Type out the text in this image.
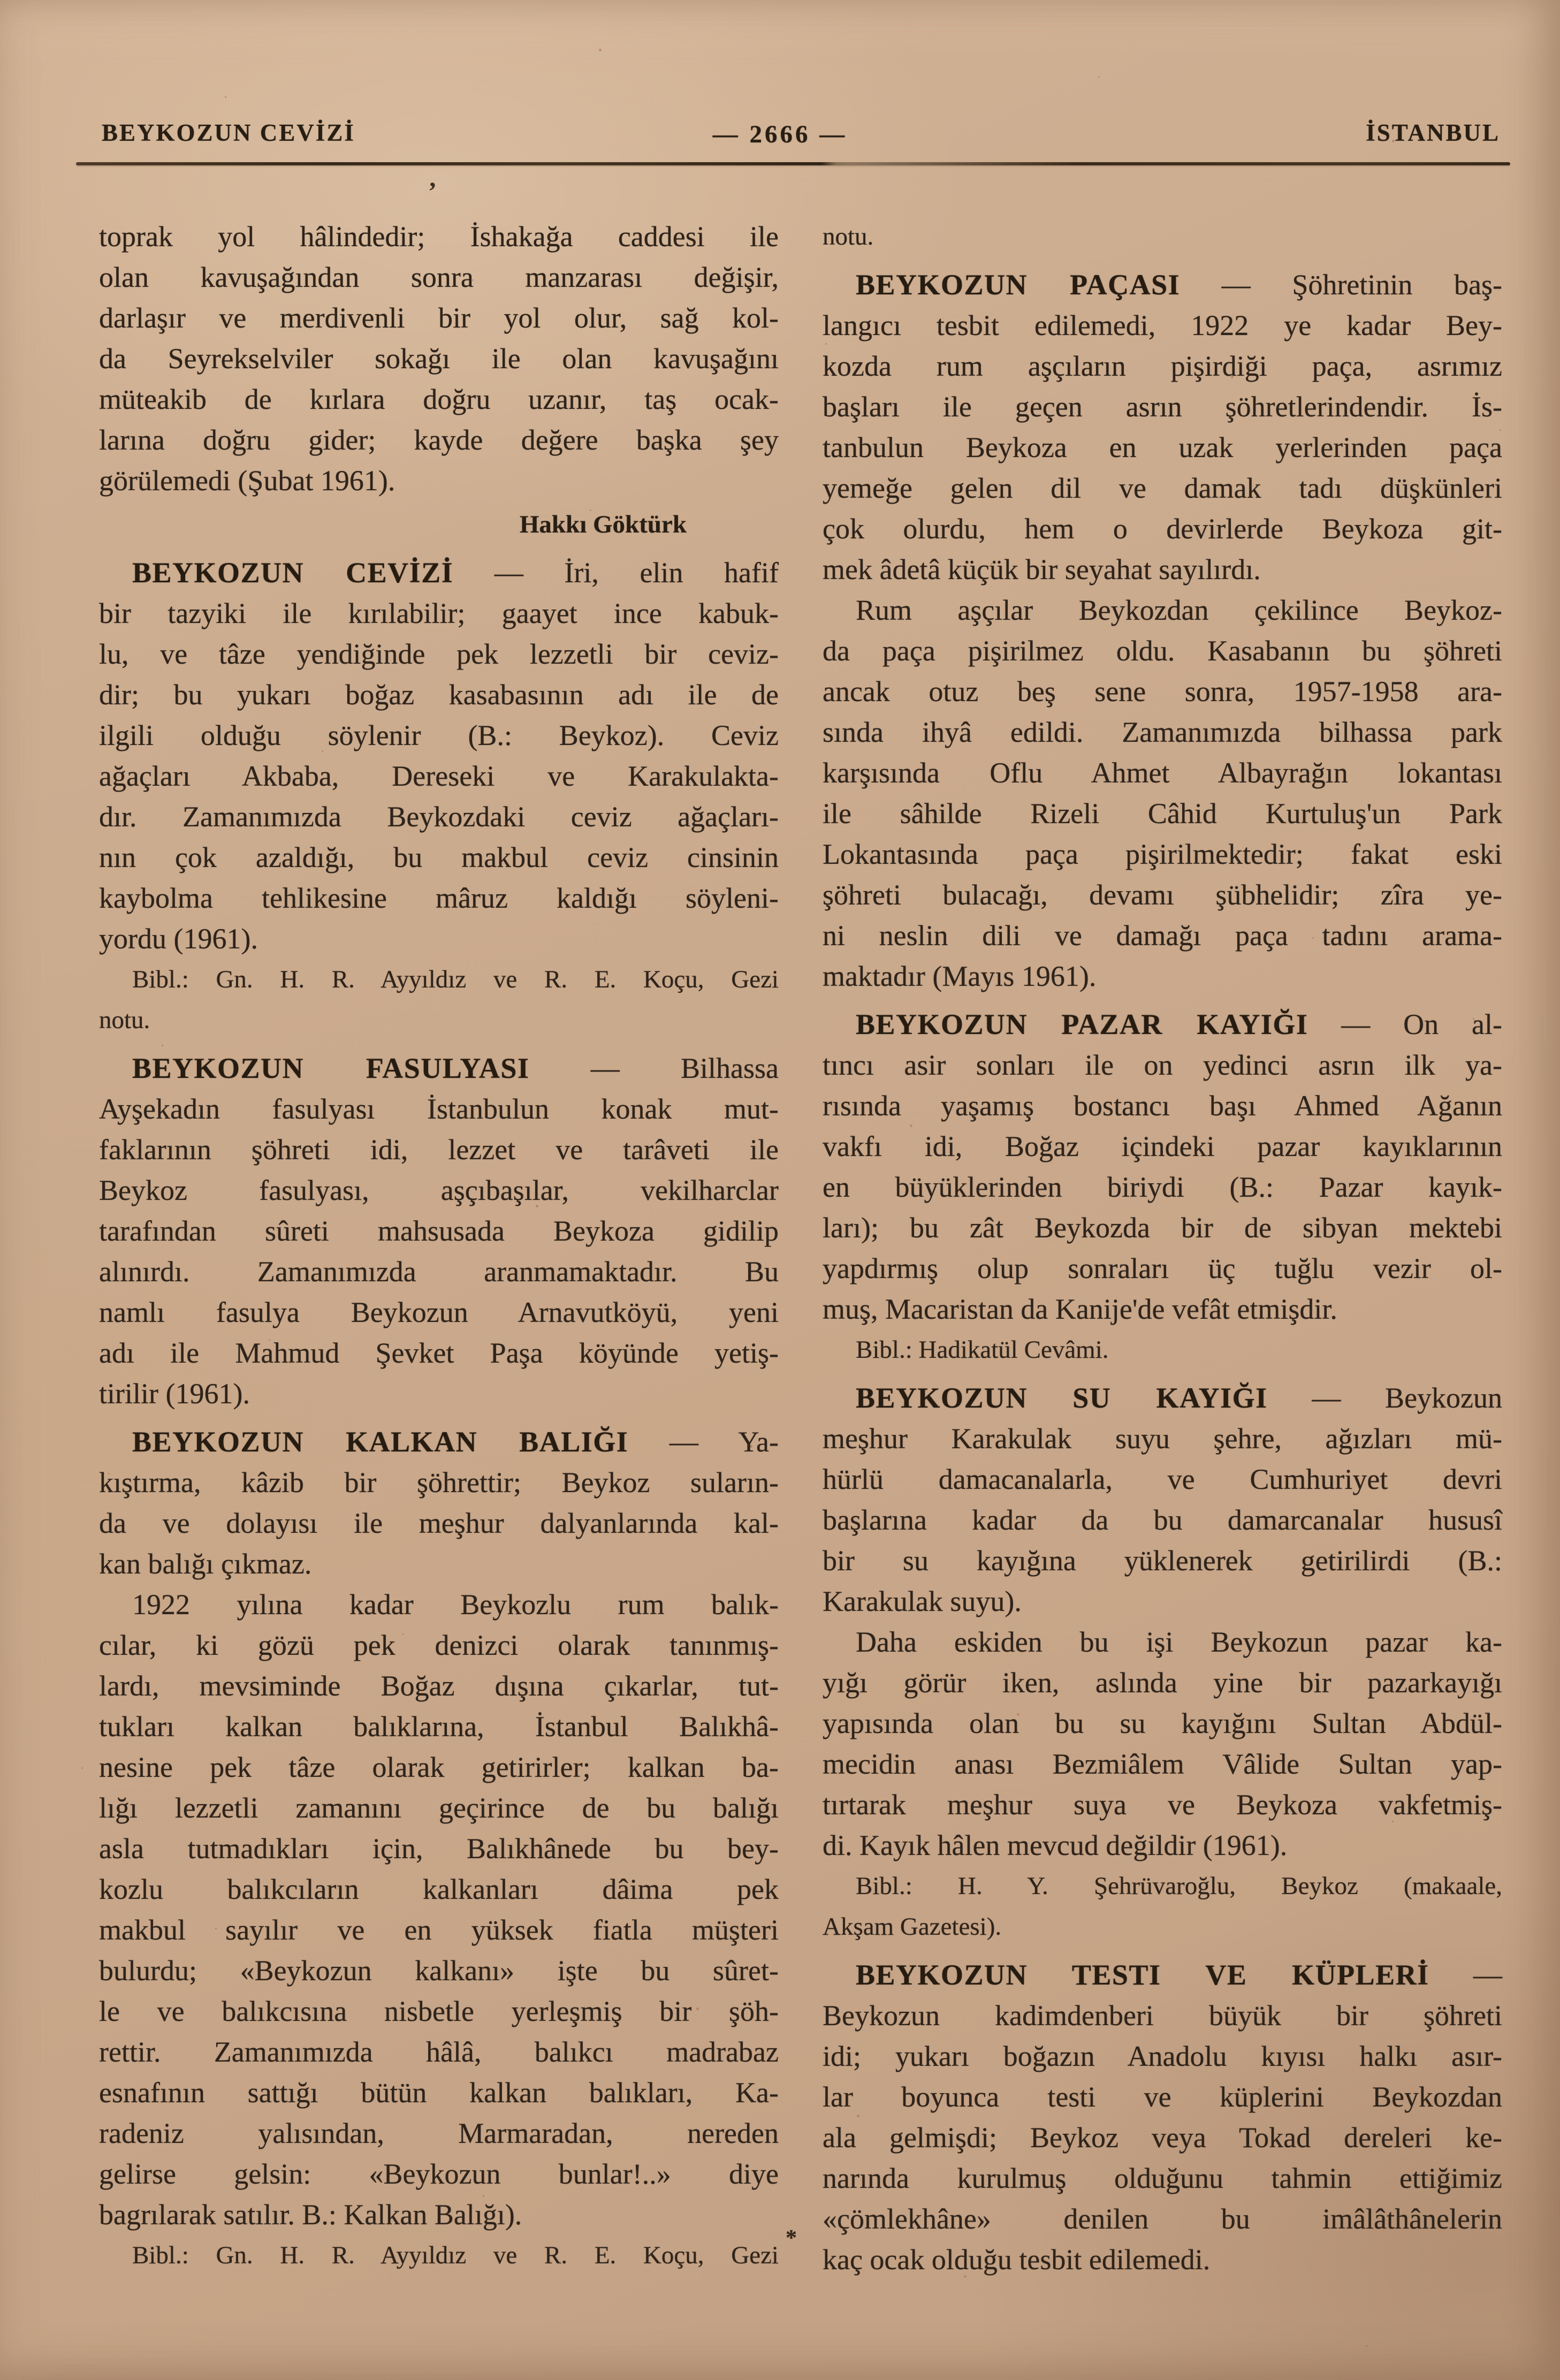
BEYKOZUN CEVİZİ	— 2666 —	İSTANBUL
’
toprak yol hâlindedir; İshakağa caddesi ile
olan kavuşağından sonra manzarası değişir,
darlaşır ve merdivenli bir yol olur, sağ kol-
da Seyrekselviler sokağı ile olan kavuşağını
müteakib de kırlara doğru uzanır, taş ocak-
larına doğru gider; kayde değere başka şey
görülemedi (Şubat 1961).
Hakkı Göktürk
BEYKOZUN CEVİZİ — İri, elin hafif
bir tazyiki ile kırılabilir; gaayet ince kabuk-
lu, ve tâze yendiğinde pek lezzetli bir ceviz-
dir; bu yukarı boğaz kasabasının adı ile de
ilgili olduğu söylenir (B.: Beykoz). Ceviz
ağaçları Akbaba, Dereseki ve Karakulakta-
dır. Zamanımızda Beykozdaki ceviz ağaçları-
nın çok azaldığı, bu makbul ceviz cinsinin
kaybolma tehlikesine mâruz kaldığı söyleni-
yordu (1961).
Bibl.: Gn. H. R. Ayyıldız ve R. E. Koçu, Gezi
notu.
BEYKOZUN FASULYASI — Bilhassa
Ayşekadın fasulyası İstanbulun konak mut-
faklarının şöhreti idi, lezzet ve tarâveti ile
Beykoz fasulyası, aşçıbaşılar, vekilharclar
tarafından sûreti mahsusada Beykoza gidilip
alınırdı. Zamanımızda aranmamaktadır. Bu
namlı fasulya Beykozun Arnavutköyü, yeni
adı ile Mahmud Şevket Paşa köyünde yetiş-
tirilir (1961).
BEYKOZUN KALKAN BALIĞI — Ya-
kıştırma, kâzib bir şöhrettir; Beykoz suların-
da ve dolayısı ile meşhur dalyanlarında kal-
kan balığı çıkmaz.
1922 yılına kadar Beykozlu rum balık-
cılar, ki gözü pek denizci olarak tanınmış-
lardı, mevsiminde Boğaz dışına çıkarlar, tut-
tukları kalkan balıklarına, İstanbul Balıkhâ-
nesine pek tâze olarak getirirler; kalkan ba-
lığı lezzetli zamanını geçirince de bu balığı
asla tutmadıkları için, Balıkhânede bu bey-
kozlu balıkcıların kalkanları dâima pek
makbul sayılır ve en yüksek fiatla müşteri
bulurdu; «Beykozun kalkanı» işte bu sûret-
le ve balıkcısına nisbetle yerleşmiş bir şöh-
rettir. Zamanımızda hâlâ, balıkcı madrabaz
esnafının sattığı bütün kalkan balıkları, Ka-
radeniz yalısından, Marmaradan, nereden
gelirse gelsin: «Beykozun bunlar!..» diye
bagrılarak satılır. B.: Kalkan Balığı).
Bibl.: Gn. H. R. Ayyıldız ve R. E. Koçu, Gezi
notu.
BEYKOZUN PAÇASI — Şöhretinin baş-
langıcı tesbit edilemedi, 1922 ye kadar Bey-
kozda rum aşçıların pişirdiği paça, asrımız
başları ile geçen asrın şöhretlerindendir. İs-
tanbulun Beykoza en uzak yerlerinden paça
yemeğe gelen dil ve damak tadı düşkünleri
çok olurdu, hem o devirlerde Beykoza git-
mek âdetâ küçük bir seyahat sayılırdı.
Rum aşçılar Beykozdan çekilince Beykoz-
da paça pişirilmez oldu. Kasabanın bu şöhreti
ancak otuz beş sene sonra, 1957-1958 ara-
sında ihyâ edildi. Zamanımızda bilhassa park
karşısında Oflu Ahmet Albayrağın lokantası
ile sâhilde Rizeli Câhid Kurtuluş'un Park
Lokantasında paça pişirilmektedir; fakat eski
şöhreti bulacağı, devamı şübhelidir; zîra ye-
ni neslin dili ve damağı paça tadını arama-
maktadır (Mayıs 1961).
BEYKOZUN PAZAR KAYIĞI — On al-
tıncı asir sonları ile on yedinci asrın ilk ya-
rısında yaşamış bostancı başı Ahmed Ağanın
vakfı idi, Boğaz içindeki pazar kayıklarının
en büyüklerinden biriydi (B.: Pazar kayık-
ları); bu zât Beykozda bir de sibyan mektebi
yapdırmış olup sonraları üç tuğlu vezir ol-
muş, Macaristan da Kanije'de vefât etmişdir.
Bibl.: Hadikatül Cevâmi.
BEYKOZUN SU KAYIĞI — Beykozun
meşhur Karakulak suyu şehre, ağızları mü-
hürlü damacanalarla, ve Cumhuriyet devri
başlarına kadar da bu damarcanalar hususî
bir su kayığına yüklenerek getirilirdi (B.:
Karakulak suyu).
Daha eskiden bu işi Beykozun pazar ka-
yığı görür iken, aslında yine bir pazarkayığı
yapısında olan bu su kayığını Sultan Abdül-
mecidin anası Bezmiâlem Vâlide Sultan yap-
tırtarak meşhur suya ve Beykoza vakfetmiş-
di. Kayık hâlen mevcud değildir (1961).
Bibl.: H. Y. Şehrüvaroğlu, Beykoz (makaale,
Akşam Gazetesi).
BEYKOZUN TESTI VE KÜPLERİ —
Beykozun kadimdenberi büyük bir şöhreti
idi; yukarı boğazın Anadolu kıyısı halkı asır-
lar boyunca testi ve küplerini Beykozdan
ala gelmişdi; Beykoz veya Tokad dereleri ke-
narında kurulmuş olduğunu tahmin ettiğimiz
«çömlekhâne» denilen bu imâlâthânelerin
kaç ocak olduğu tesbit edilemedi.
*
